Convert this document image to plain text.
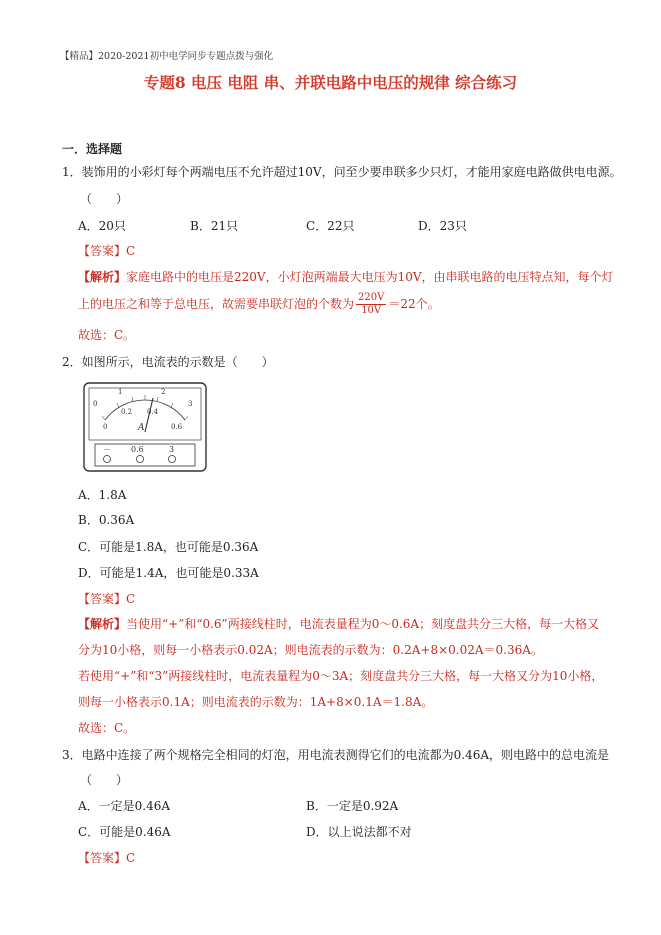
【精品】2020-2021初中电学同步专题点拨与强化
专题8 电压 电阻 串、并联电路中电压的规律 综合练习
一．选择题
1．装饰用的小彩灯每个两端电压不允许超过10V，问至少要串联多少只灯，才能用家庭电路做供电电源。
（　　）
A．20只	B．21只	C．22只	D．23只
【答案】C
【解析】家庭电路中的电压是220V，小灯泡两端最大电压为10V，由串联电路的电压特点知，每个灯
上的电压之和等于总电压，故需要串联灯泡的个数为 $\frac{220V}{10V} =22$个。
故选：C。
2．如图所示，电流表的示数是（　　）
0
1	2
3
0
0.2 0.4
0.6
A
－	0.6	3
A．1.8A
B．0.36A
C．可能是1.8A，也可能是0.36A
D．可能是1.4A，也可能是0.33A
【答案】C
【解析】当使用“+”和“0.6”两接线柱时，电流表量程为0～0.6A；刻度盘共分三大格，每一大格又
分为10小格，则每一小格表示0.02A；则电流表的示数为：0.2A+8×0.02A＝0.36A。
若使用“+”和“3”两接线柱时，电流表量程为0～3A；刻度盘共分三大格，每一大格又分为10小格，
则每一小格表示0.1A；则电流表的示数为：1A+8×0.1A＝1.8A。
故选：C。
3．电路中连接了两个规格完全相同的灯泡，用电流表测得它们的电流都为0.46A，则电路中的总电流是
（　　）
A．一定是0.46A	B．一定是0.92A
C．可能是0.46A	D．以上说法都不对
【答案】C
